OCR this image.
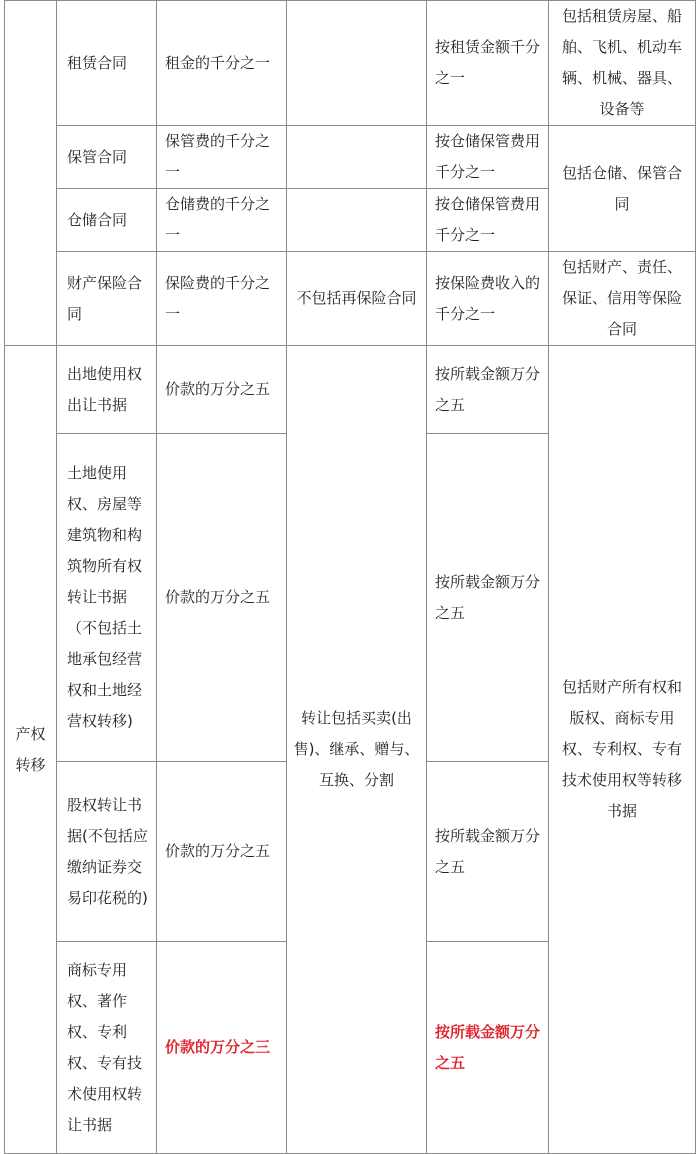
	租赁合同	租金的千分之一		按租赁金额千分之一	包括租赁房屋、船舶、飞机、机动车辆、机械、器具、设备等
	保管合同	保管费的千分之一		按仓储保管费用千分之一	包括仓储、保管合同
	仓储合同	仓储费的千分之一		按仓储保管费用千分之一	
	财产保险合同	保险费的千分之一	不包括再保险合同	按保险费收入的千分之一	包括财产、责任、保证、信用等保险合同
产权转移	出地使用权出让书据	价款的万分之五	转让包括买卖(出售)、继承、赠与、互换、分割	按所载金额万分之五	包括财产所有权和版权、商标专用权、专利权、专有技术使用权等转移书据
	土地使用权、房屋等建筑物和构筑物所有权转让书据（不包括土地承包经营权和土地经营权转移)	价款的万分之五		按所载金额万分之五	
	股权转让书据(不包括应缴纳证券交易印花税的)	价款的万分之五		按所载金额万分之五	
	商标专用权、著作权、专利权、专有技术使用权转让书据	价款的万分之三		按所载金额万分之五	
